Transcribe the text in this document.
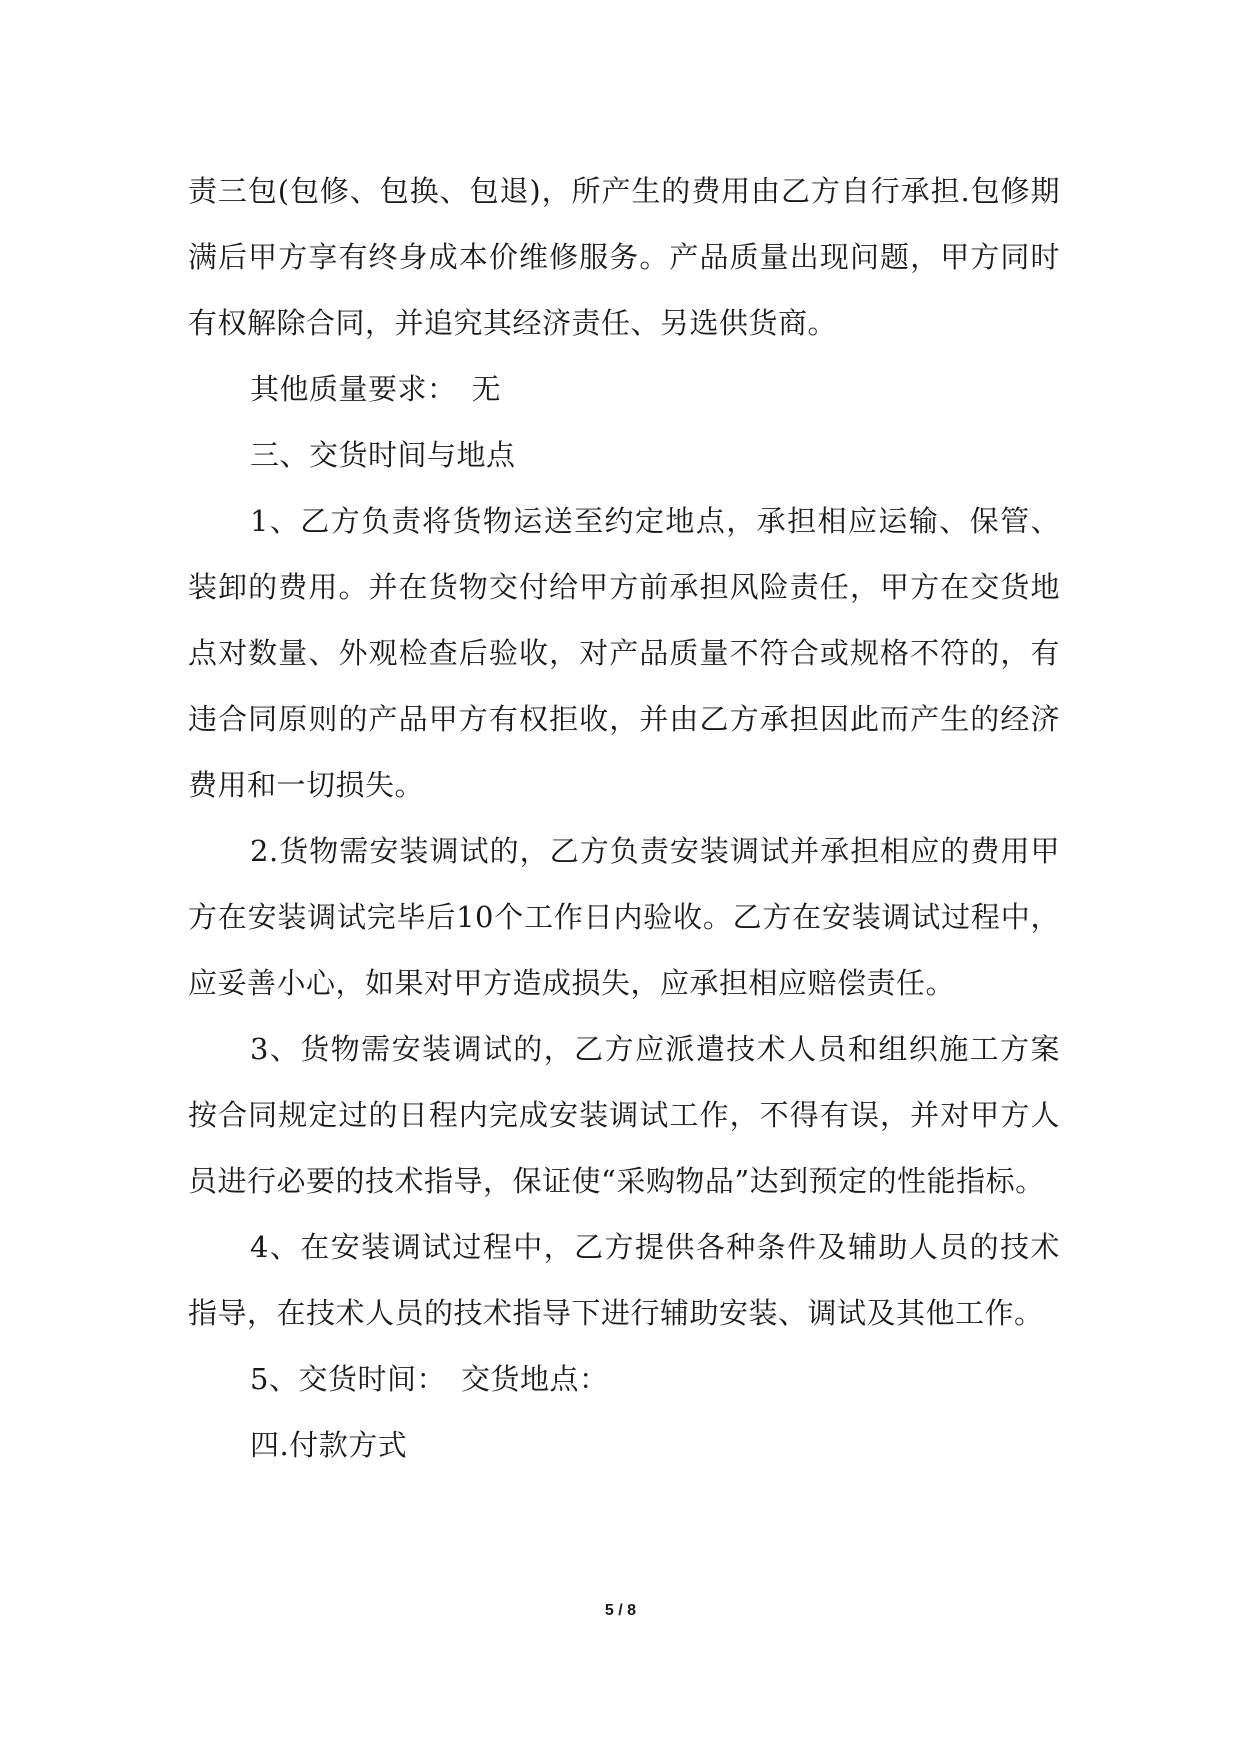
责三包(包修、包换、包退)，所产生的费用由乙方自行承担.包修期满后甲方享有终身成本价维修服务。产品质量出现问题，甲方同时有权解除合同，并追究其经济责任、另选供货商。

其他质量要求：　无

三、交货时间与地点

1、乙方负责将货物运送至约定地点，承担相应运输、保管、装卸的费用。并在货物交付给甲方前承担风险责任，甲方在交货地点对数量、外观检查后验收，对产品质量不符合或规格不符的，有违合同原则的产品甲方有权拒收，并由乙方承担因此而产生的经济费用和一切损失。

2.货物需安装调试的，乙方负责安装调试并承担相应的费用甲方在安装调试完毕后10个工作日内验收。乙方在安装调试过程中，应妥善小心，如果对甲方造成损失，应承担相应赔偿责任。

3、货物需安装调试的，乙方应派遣技术人员和组织施工方案按合同规定过的日程内完成安装调试工作，不得有误，并对甲方人员进行必要的技术指导，保证使“采购物品”达到预定的性能指标。

4、在安装调试过程中，乙方提供各种条件及辅助人员的技术指导，在技术人员的技术指导下进行辅助安装、调试及其他工作。

5、交货时间：　交货地点：

四.付款方式

5 / 8
